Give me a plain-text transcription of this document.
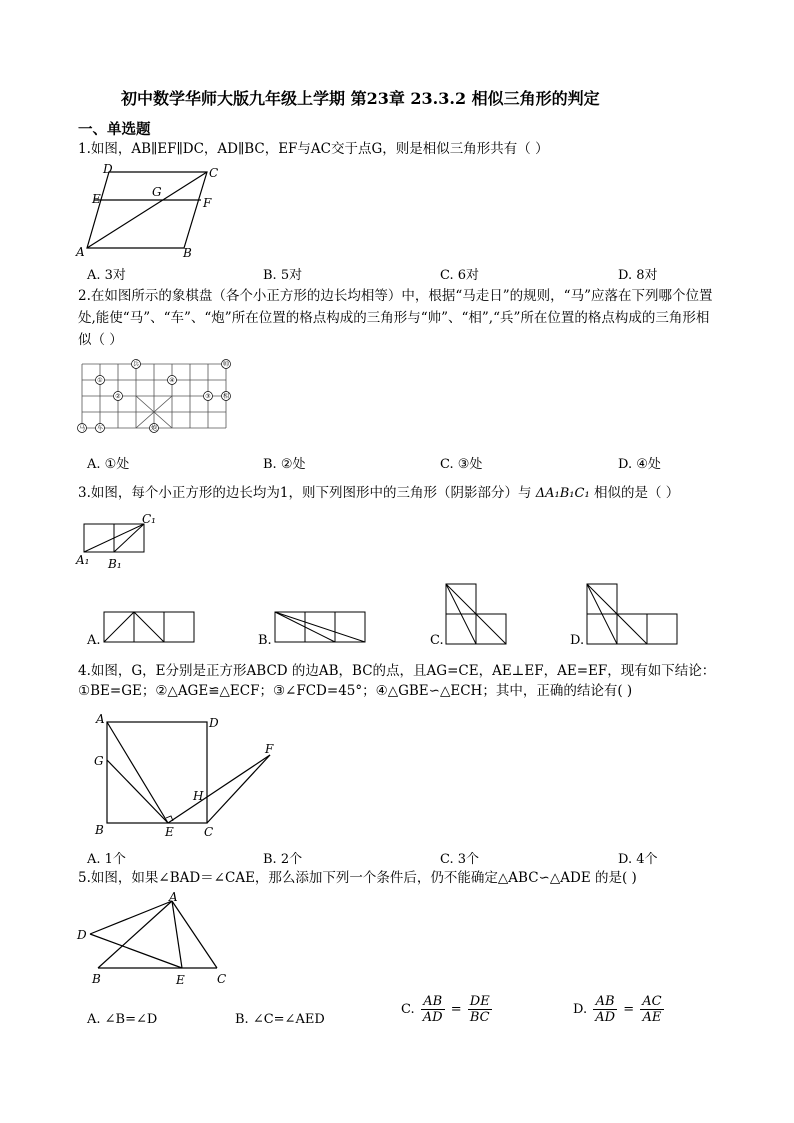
初中数学华师大版九年级上学期 第23章 23.3.2 相似三角形的判定
一、单选题
1.如图，AB∥EF∥DC，AD∥BC，EF与AC交于点G，则是相似三角形共有（ ）
D	C
E	G
F
A	B
A. 3对	B. 5对	C. 6对	D. 8对
2.在如图所示的象棋盘（各个小正方形的边长均相等）中，根据“马走日”的规则，“马”应落在下列哪个位置处,能使“马”、“车”、“炮”所在位置的格点构成的三角形与“帅”、“相”,“兵”所在位置的格点构成的三角形相似（ ）
兵	帅
①
②
④
③ 相
马 车	炮
A. ①处	B. ②处	C. ③处	D. ④处
3.如图，每个小正方形的边长均为1，则下列图形中的三角形（阴影部分）与 ΔA₁B₁C₁ 相似的是（ ）
C₁
A₁ B₁
A.	B.	C.	D.
4.如图，G，E分别是正方形ABCD 的边AB，BC的点，且AG=CE，AE⊥EF，AE=EF，现有如下结论：
①BE=GE；②△AGE≌△ECF；③∠FCD=45°；④△GBE∽△ECH；其中，正确的结论有( )
A	D
G
F
H
B	E	C
A. 1个	B. 2个	C. 3个	D. 4个
5.如图，如果∠BAD＝∠CAE，那么添加下列一个条件后，仍不能确定△ABC∽△ADE 的是( )
A
D
B	E	C
A. ∠B=∠D	B. ∠C=∠AED
C. $\frac{AB}{AD} = \frac{DE}{BC}$	D. $\frac{AB}{AD} = \frac{AC}{AE}$
